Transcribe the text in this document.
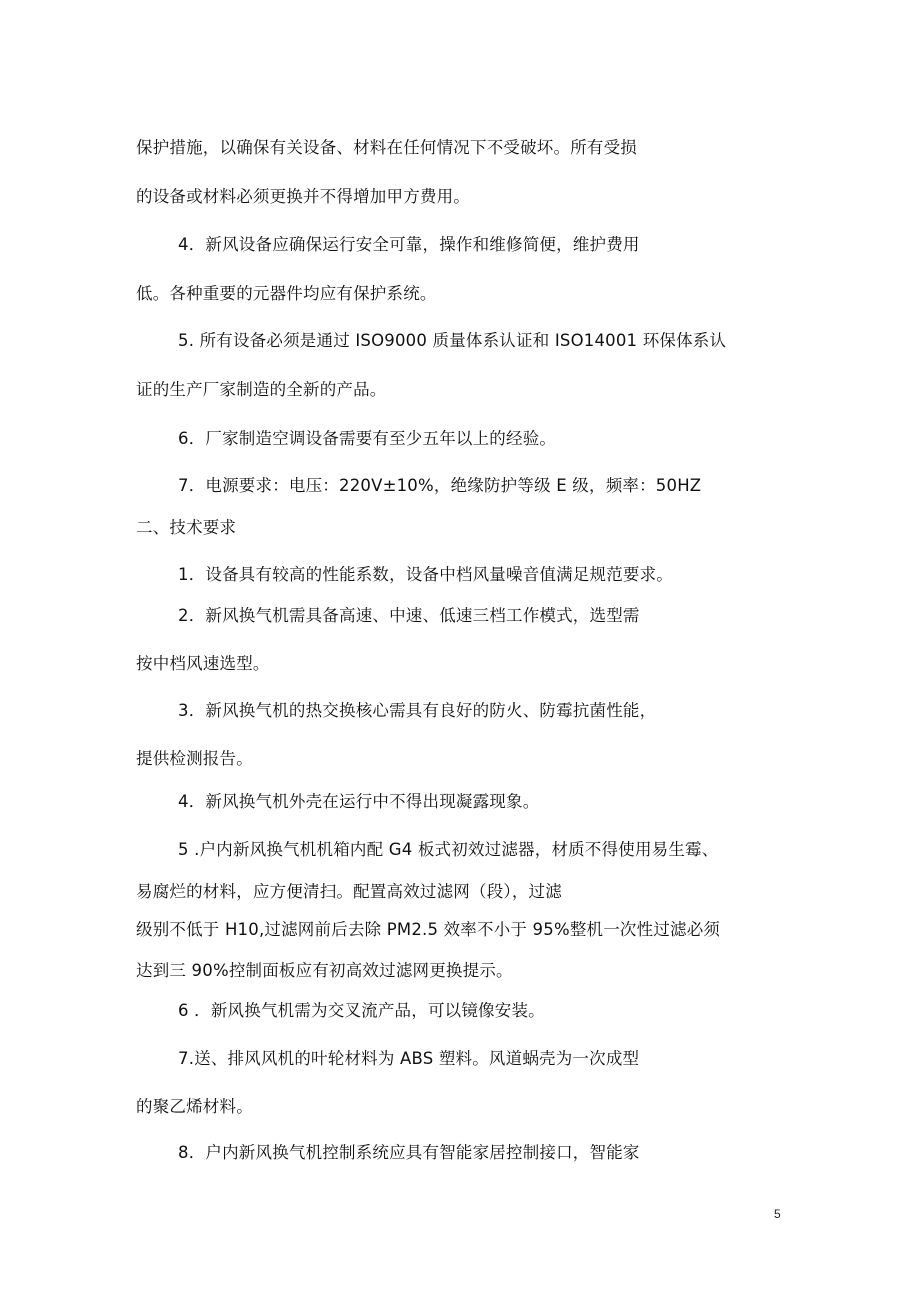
保护措施，以确保有关设备、材料在任何情况下不受破坏。所有受损
的设备或材料必须更换并不得增加甲方费用。
4．新风设备应确保运行安全可靠，操作和维修简便，维护费用
低。各种重要的元器件均应有保护系统。
5. 所有设备必须是通过 ISO9000 质量体系认证和 ISO14001 环保体系认
证的生产厂家制造的全新的产品。
6．厂家制造空调设备需要有至少五年以上的经验。
7．电源要求：电压：220V±10%，绝缘防护等级 E 级，频率：50HZ
二、技术要求
1．设备具有较高的性能系数，设备中档风量噪音值满足规范要求。
2．新风换气机需具备高速、中速、低速三档工作模式，选型需
按中档风速选型。
3．新风换气机的热交换核心需具有良好的防火、防霉抗菌性能，
提供检测报告。
4．新风换气机外壳在运行中不得出现凝露现象。
5 .户内新风换气机机箱内配 G4 板式初效过滤器，材质不得使用易生霉、
易腐烂的材料，应方便清扫。配置高效过滤网（段），过滤
级别不低于 H10,过滤网前后去除 PM2.5 效率不小于 95%整机一次性过滤必须
达到三 90%控制面板应有初高效过滤网更换提示。
6 ．新风换气机需为交叉流产品，可以镜像安装。
7.送、排风风机的叶轮材料为 ABS 塑料。风道蜗壳为一次成型
的聚乙烯材料。
8．户内新风换气机控制系统应具有智能家居控制接口，智能家
5
